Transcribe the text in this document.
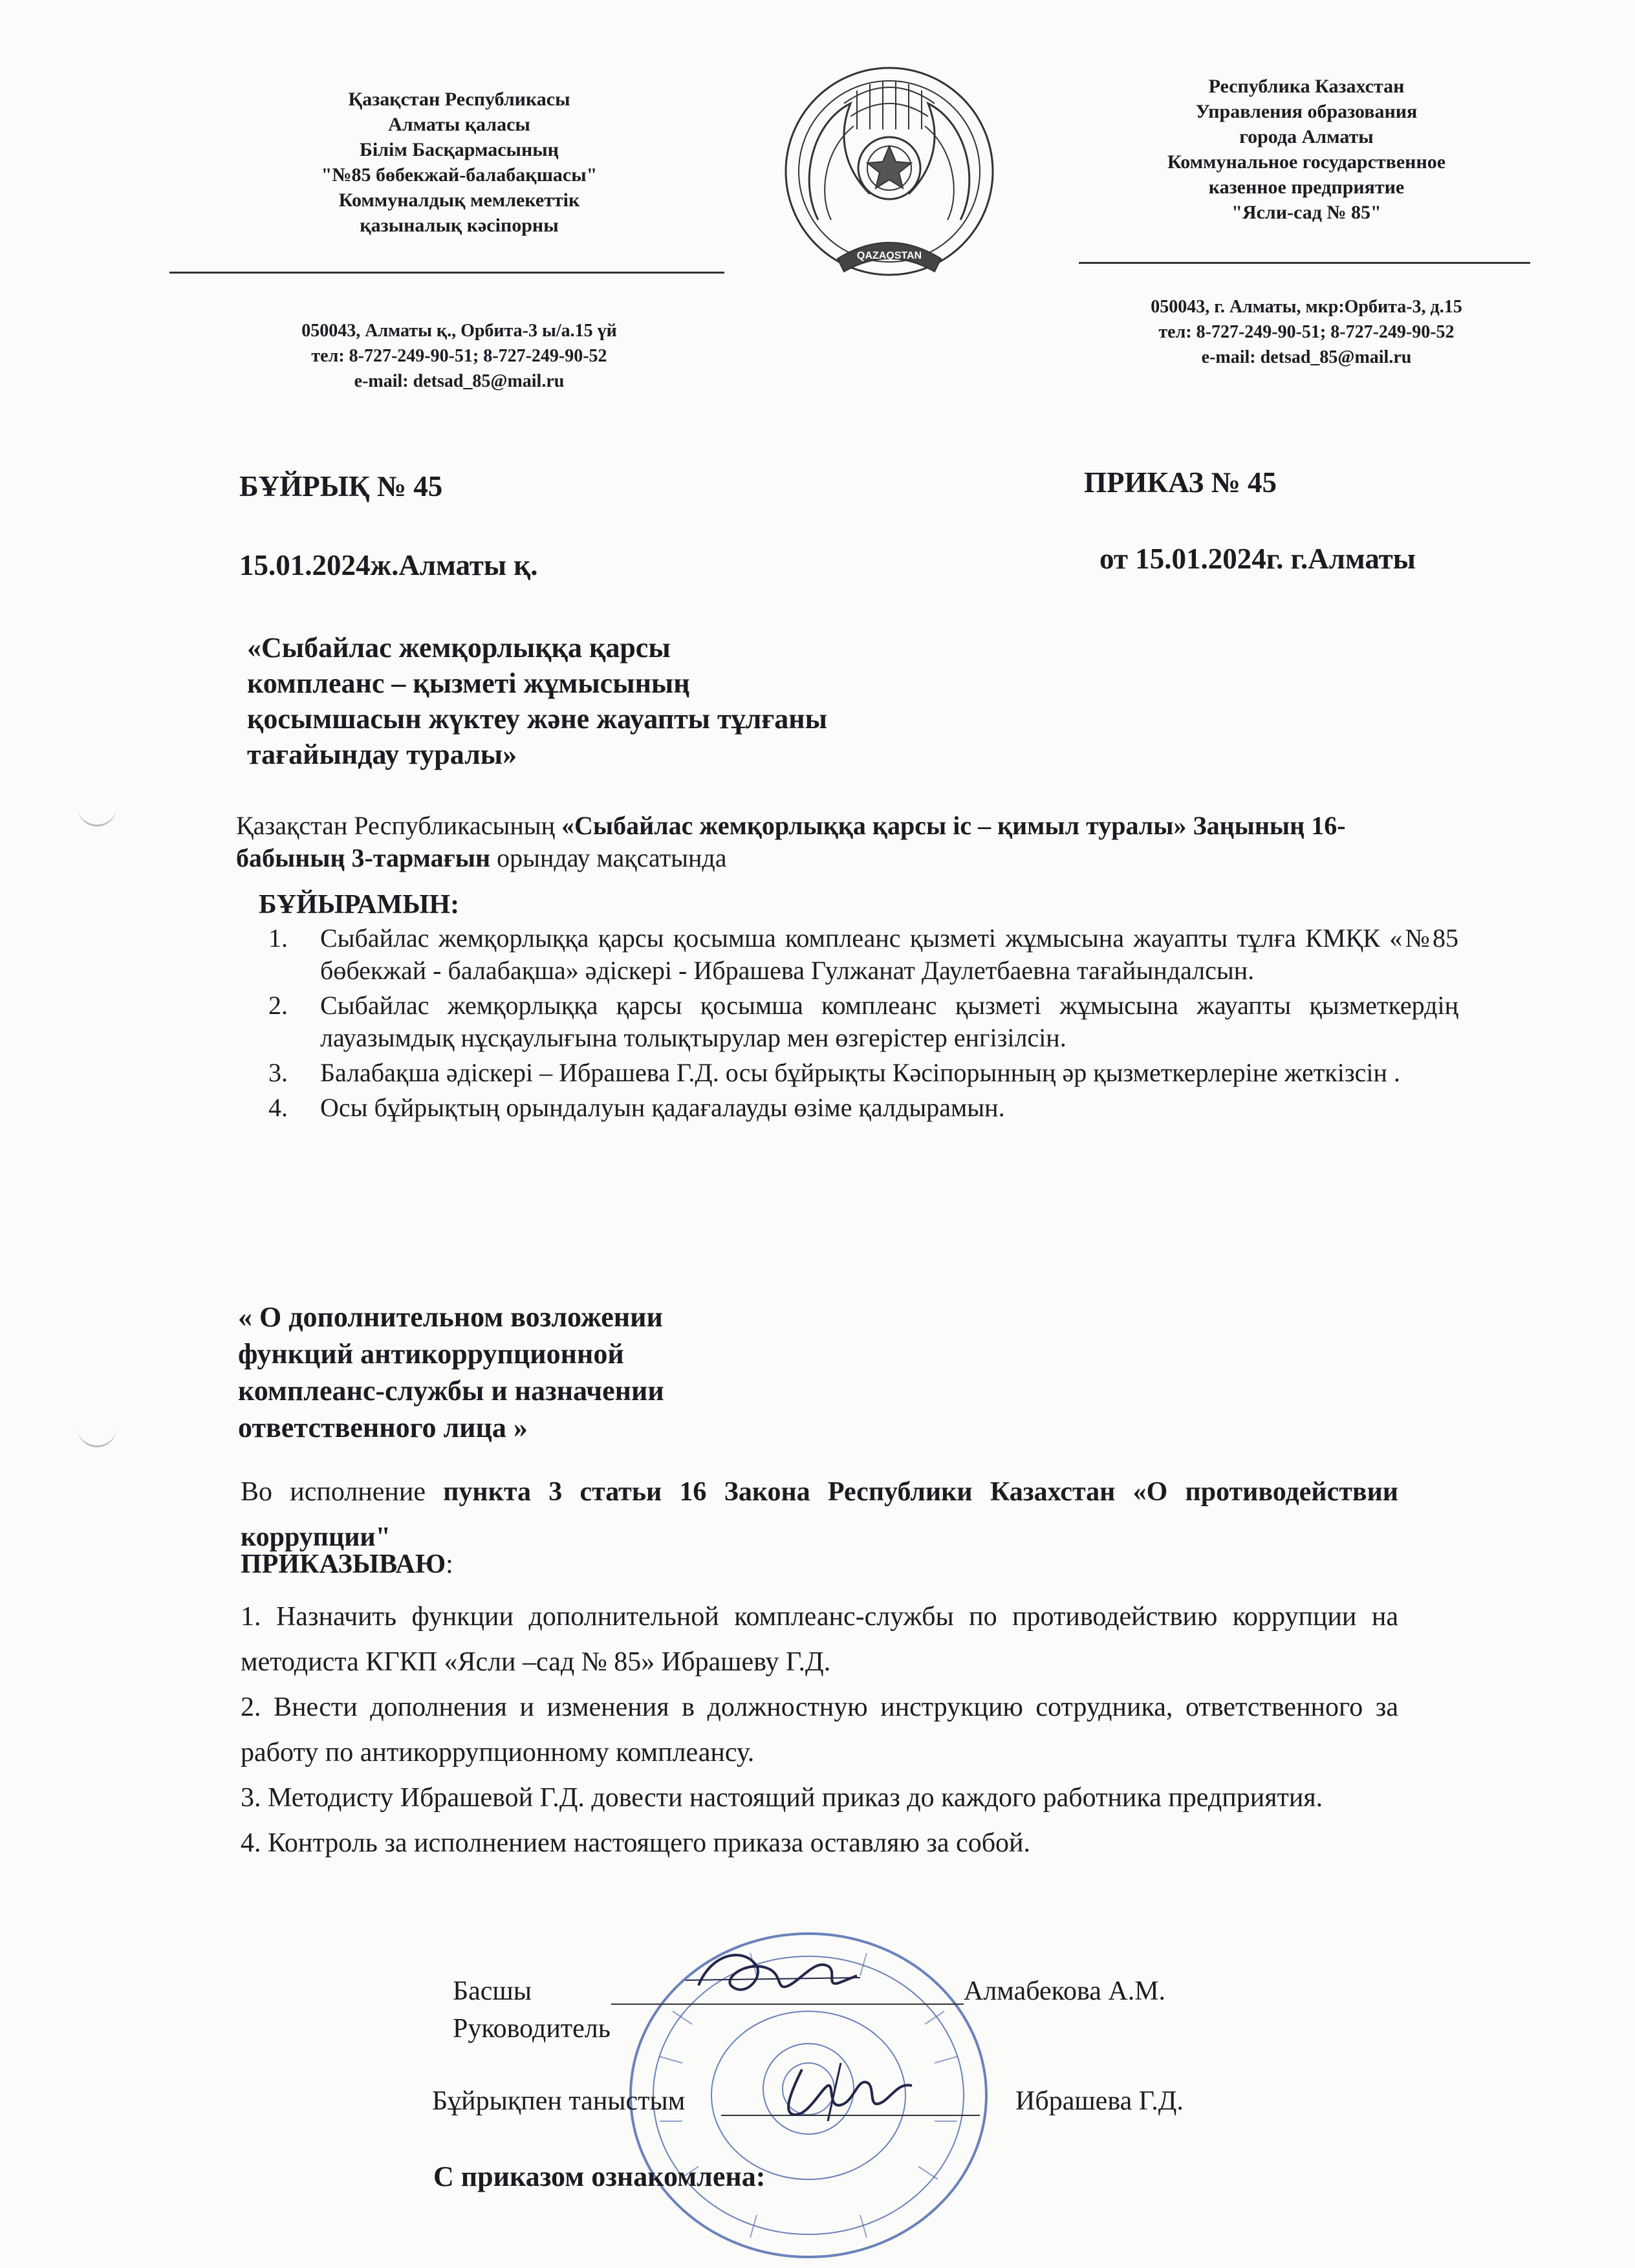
Қазақстан Республикасы
Алматы қаласы
Білім Басқармасының
"№85 бөбекжай-балабақшасы"
Коммуналдық мемлекеттік
қазыналық кәсіпорны
050043, Алматы қ., Орбита-3 ы/а.15 үй
тел: 8-727-249-90-51; 8-727-249-90-52
e-mail: detsad_85@mail.ru
QAZAQSTAN
Республика Казахстан
Управления образования
города Алматы
Коммунальное государственное
казенное предприятие
"Ясли-сад № 85"
050043, г. Алматы, мкр:Орбита-3, д.15
тел: 8-727-249-90-51; 8-727-249-90-52
e-mail: detsad_85@mail.ru
БҰЙРЫҚ № 45	ПРИКАЗ № 45
15.01.2024ж.Алматы қ.	от 15.01.2024г. г.Алматы
«Сыбайлас жемқорлыққа қарсы
комплеанс – қызметі жұмысының
қосымшасын жүктеу және жауапты тұлғаны
тағайындау туралы»
Қазақстан Республикасының «Сыбайлас жемқорлыққа қарсы іс – қимыл туралы» Заңының 16- бабының 3-тармағын орындау мақсатында
БҰЙЫРАМЫН:
1. Сыбайлас жемқорлыққа қарсы қосымша комплеанс қызметі жұмысына жауапты тұлға КМҚК «№85 бөбекжай - балабақша» әдіскері - Ибрашева Гулжанат Даулетбаевна тағайындалсын.
2. Сыбайлас жемқорлыққа қарсы қосымша комплеанс қызметі жұмысына жауапты қызметкердің лауазымдық нұсқаулығына толықтырулар мен өзгерістер енгізілсін.
3. Балабақша әдіскері – Ибрашева Г.Д. осы бұйрықты Кәсіпорынның әр қызметкерлеріне жеткізсін .
4. Осы бұйрықтың орындалуын қадағалауды өзіме қалдырамын.
« О дополнительном возложении
функций антикоррупционной
комплеанс-службы и назначении
ответственного лица »
Во исполнение пункта 3 статьи 16 Закона Республики Казахстан «О противодействии коррупции"
ПРИКАЗЫВАЮ:
1. Назначить функции дополнительной комплеанс-службы по противодействию коррупции на методиста КГКП «Ясли –сад № 85» Ибрашеву Г.Д.
2. Внести дополнения и изменения в должностную инструкцию сотрудника, ответственного за работу по антикоррупционному комплеансу.
3. Методисту Ибрашевой Г.Д. довести настоящий приказ до каждого работника предприятия.
4. Контроль за исполнением настоящего приказа оставляю за собой.
Басшы
Руководитель
Алмабекова А.М.
Бұйрықпен таныстым	Ибрашева Г.Д.
С приказом ознакомлена:
